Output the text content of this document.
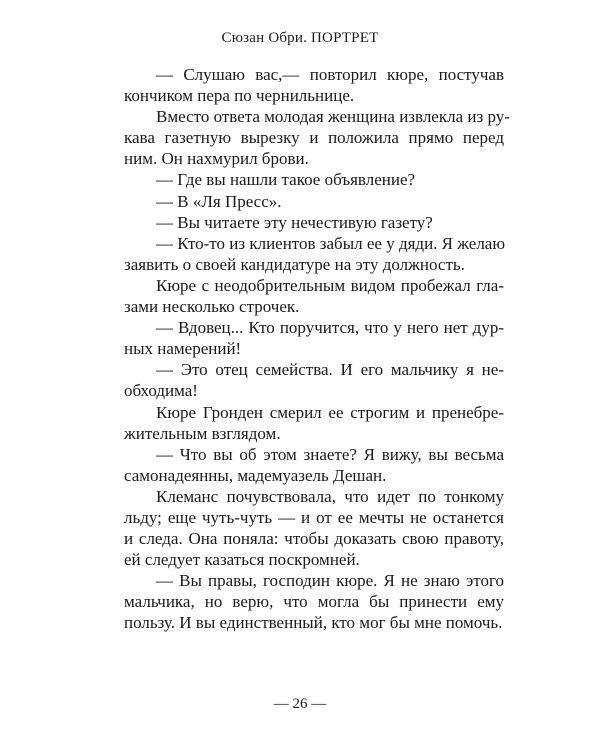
Сюзан Обри. ПОРТРЕТ
— Слушаю вас,— повторил кюре, постучав
кончиком пера по чернильнице.
Вместо ответа молодая женщина извлекла из ру-
кава газетную вырезку и положила прямо перед
ним. Он нахмурил брови.
— Где вы нашли такое объявление?
— В «Ля Пресс».
— Вы читаете эту нечестивую газету?
— Кто-то из клиентов забыл ее у дяди. Я желаю
заявить о своей кандидатуре на эту должность.
Кюре с неодобрительным видом пробежал гла-
зами несколько строчек.
— Вдовец... Кто поручится, что у него нет дур-
ных намерений!
— Это отец семейства. И его мальчику я не-
обходима!
Кюре Гронден смерил ее строгим и пренебре-
жительным взглядом.
— Что вы об этом знаете? Я вижу, вы весьма
самонадеянны, мадемуазель Дешан.
Клеманс почувствовала, что идет по тонкому
льду; еще чуть-чуть — и от ее мечты не останется
и следа. Она поняла: чтобы доказать свою правоту,
ей следует казаться поскромней.
— Вы правы, господин кюре. Я не знаю этого
мальчика, но верю, что могла бы принести ему
пользу. И вы единственный, кто мог бы мне помочь.
— 26 —
